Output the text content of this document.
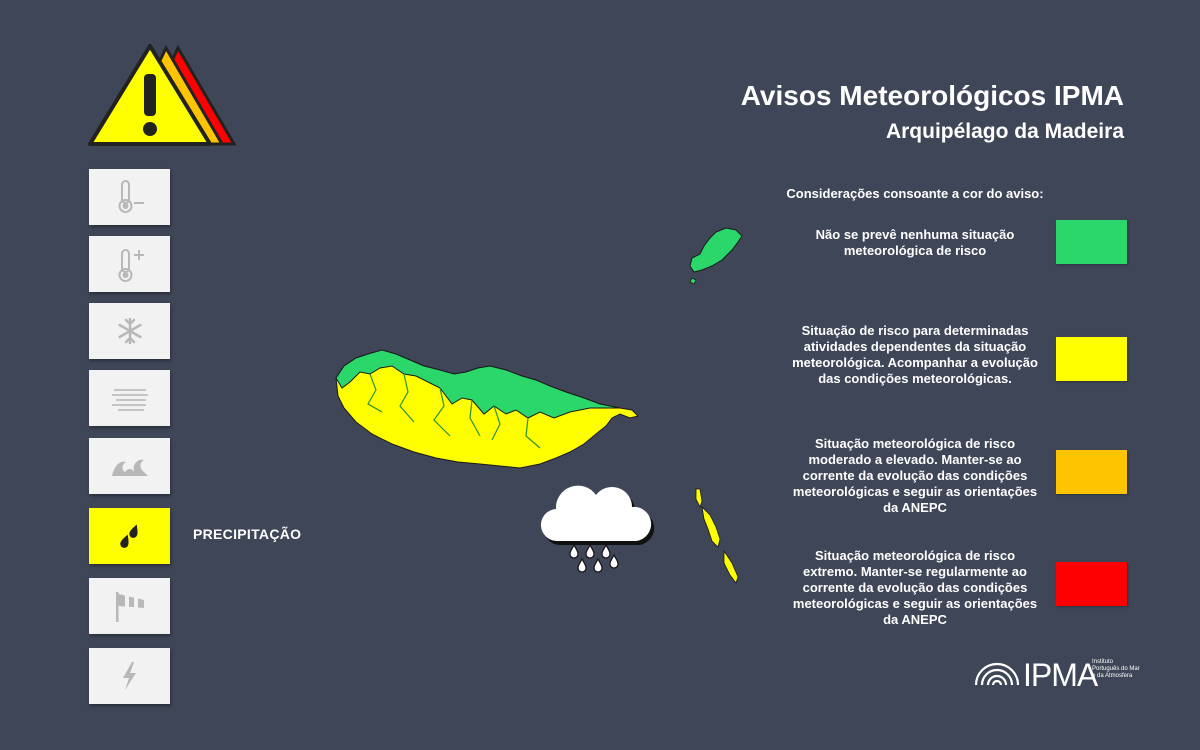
Avisos Meteorológicos IPMA
Arquipélago da Madeira
PRECIPITAÇÃO
Considerações consoante a cor do aviso:
Não se prevê nenhuma situação meteorológica de risco
Situação de risco para determinadas atividades dependentes da situação meteorológica. Acompanhar a evolução das condições meteorológicas.
Situação meteorológica de risco moderado a elevado. Manter-se ao corrente da evolução das condições meteorológicas e seguir as orientações da ANEPC
Situação meteorológica de risco extremo. Manter-se regularmente ao corrente da evolução das condições meteorológicas e seguir as orientações da ANEPC
IPMA
Instituto Português do Mar e da Atmosfera
